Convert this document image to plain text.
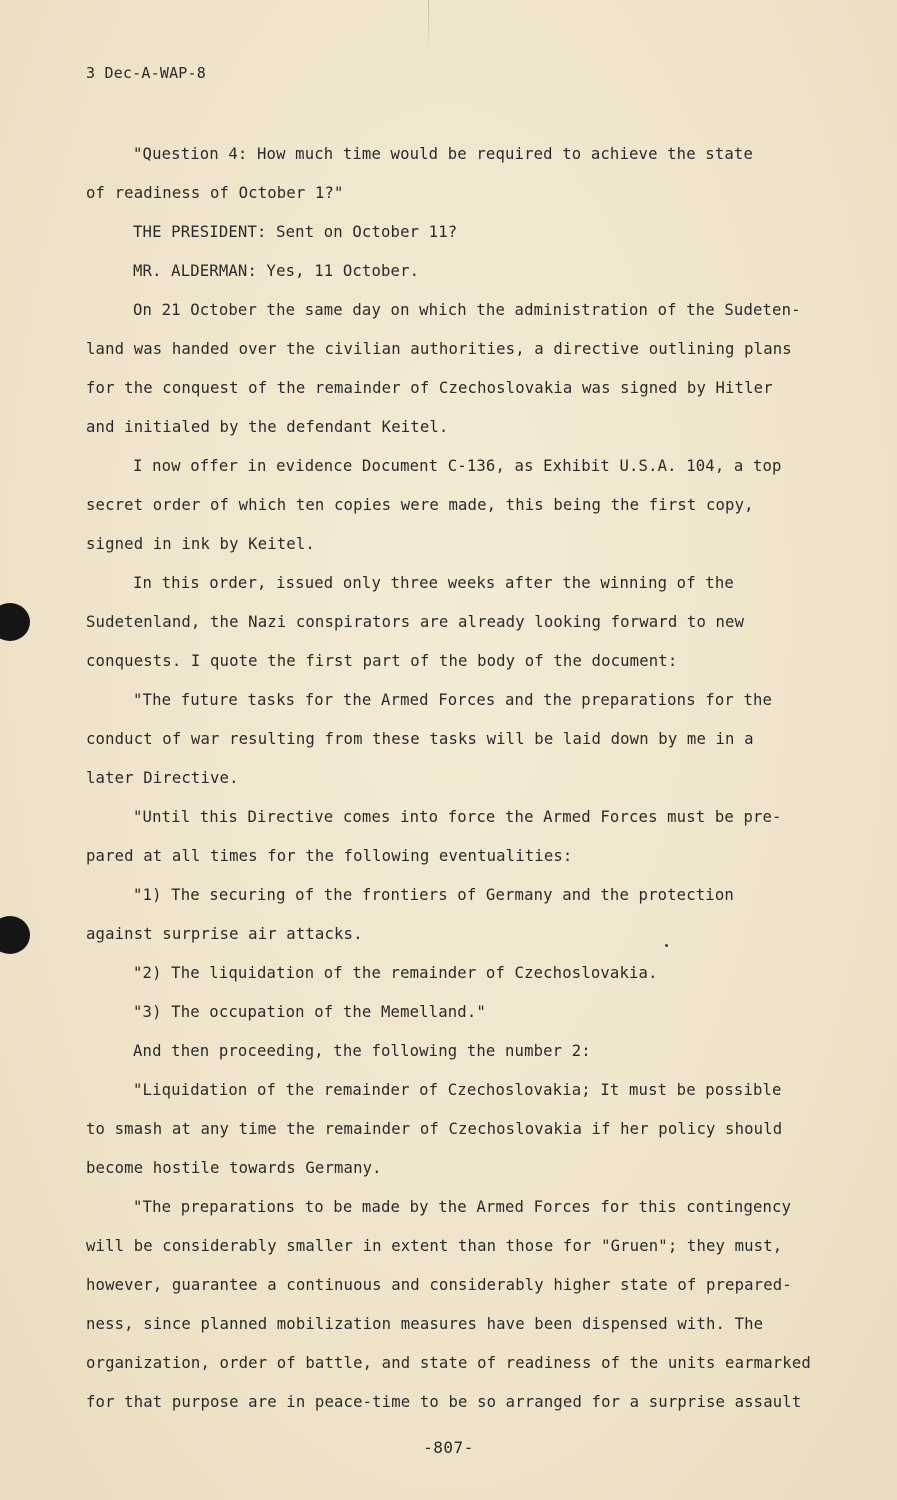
3 Dec-A-WAP-8
"Question 4: How much time would be required to achieve the state
of readiness of October 1?"
THE PRESIDENT: Sent on October 11?
MR. ALDERMAN: Yes, 11 October.
On 21 October the same day on which the administration of the Sudeten-
land was handed over the civilian authorities, a directive outlining plans
for the conquest of the remainder of Czechoslovakia was signed by Hitler
and initialed by the defendant Keitel.
I now offer in evidence Document C-136, as Exhibit U.S.A. 104, a top
secret order of which ten copies were made, this being the first copy,
signed in ink by Keitel.
In this order, issued only three weeks after the winning of the
Sudetenland, the Nazi conspirators are already looking forward to new
conquests. I quote the first part of the body of the document:
"The future tasks for the Armed Forces and the preparations for the
conduct of war resulting from these tasks will be laid down by me in a
later Directive.
"Until this Directive comes into force the Armed Forces must be pre-
pared at all times for the following eventualities:
"1) The securing of the frontiers of Germany and the protection
against surprise air attacks.
"2) The liquidation of the remainder of Czechoslovakia.
"3) The occupation of the Memelland."
And then proceeding, the following the number 2:
"Liquidation of the remainder of Czechoslovakia; It must be possible
to smash at any time the remainder of Czechoslovakia if her policy should
become hostile towards Germany.
"The preparations to be made by the Armed Forces for this contingency
will be considerably smaller in extent than those for "Gruen"; they must,
however, guarantee a continuous and considerably higher state of prepared-
ness, since planned mobilization measures have been dispensed with. The
organization, order of battle, and state of readiness of the units earmarked
for that purpose are in peace-time to be so arranged for a surprise assault
-807-
